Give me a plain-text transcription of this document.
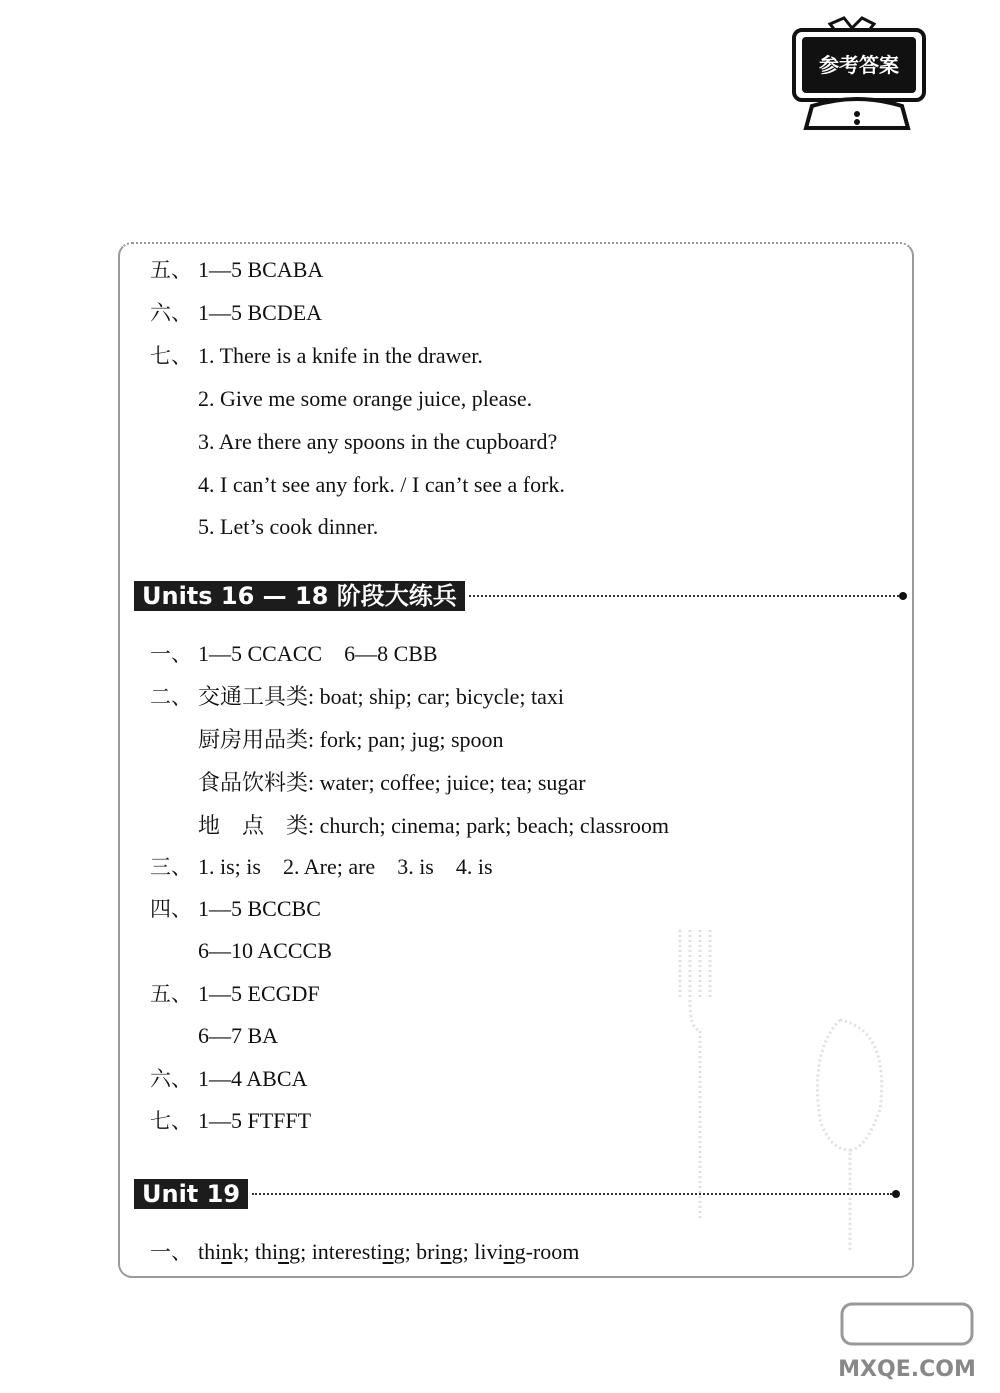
参考答案
五、 1—5 BCABA
六、 1—5 BCDEA
七、 1. There is a knife in the drawer.
2. Give me some orange juice, please.
3. Are there any spoons in the cupboard?
4. I can’t see any fork. / I can’t see a fork.
5. Let’s cook dinner.
Units 16 — 18 阶段大练兵
一、 1—5 CCACC    6—8 CBB
二、 交通工具类: boat; ship; car; bicycle; taxi
厨房用品类: fork; pan; jug; spoon
食品饮料类: water; coffee; juice; tea; sugar
地    点    类: church; cinema; park; beach; classroom
三、 1. is; is    2. Are; are    3. is    4. is
四、 1—5 BCCBC
6—10 ACCCB
五、 1—5 ECGDF
6—7 BA
六、 1—4 ABCA
七、 1—5 FTFFT
Unit 19
一、 think; thing; interesting; bring; living-room
MXQE.COM
